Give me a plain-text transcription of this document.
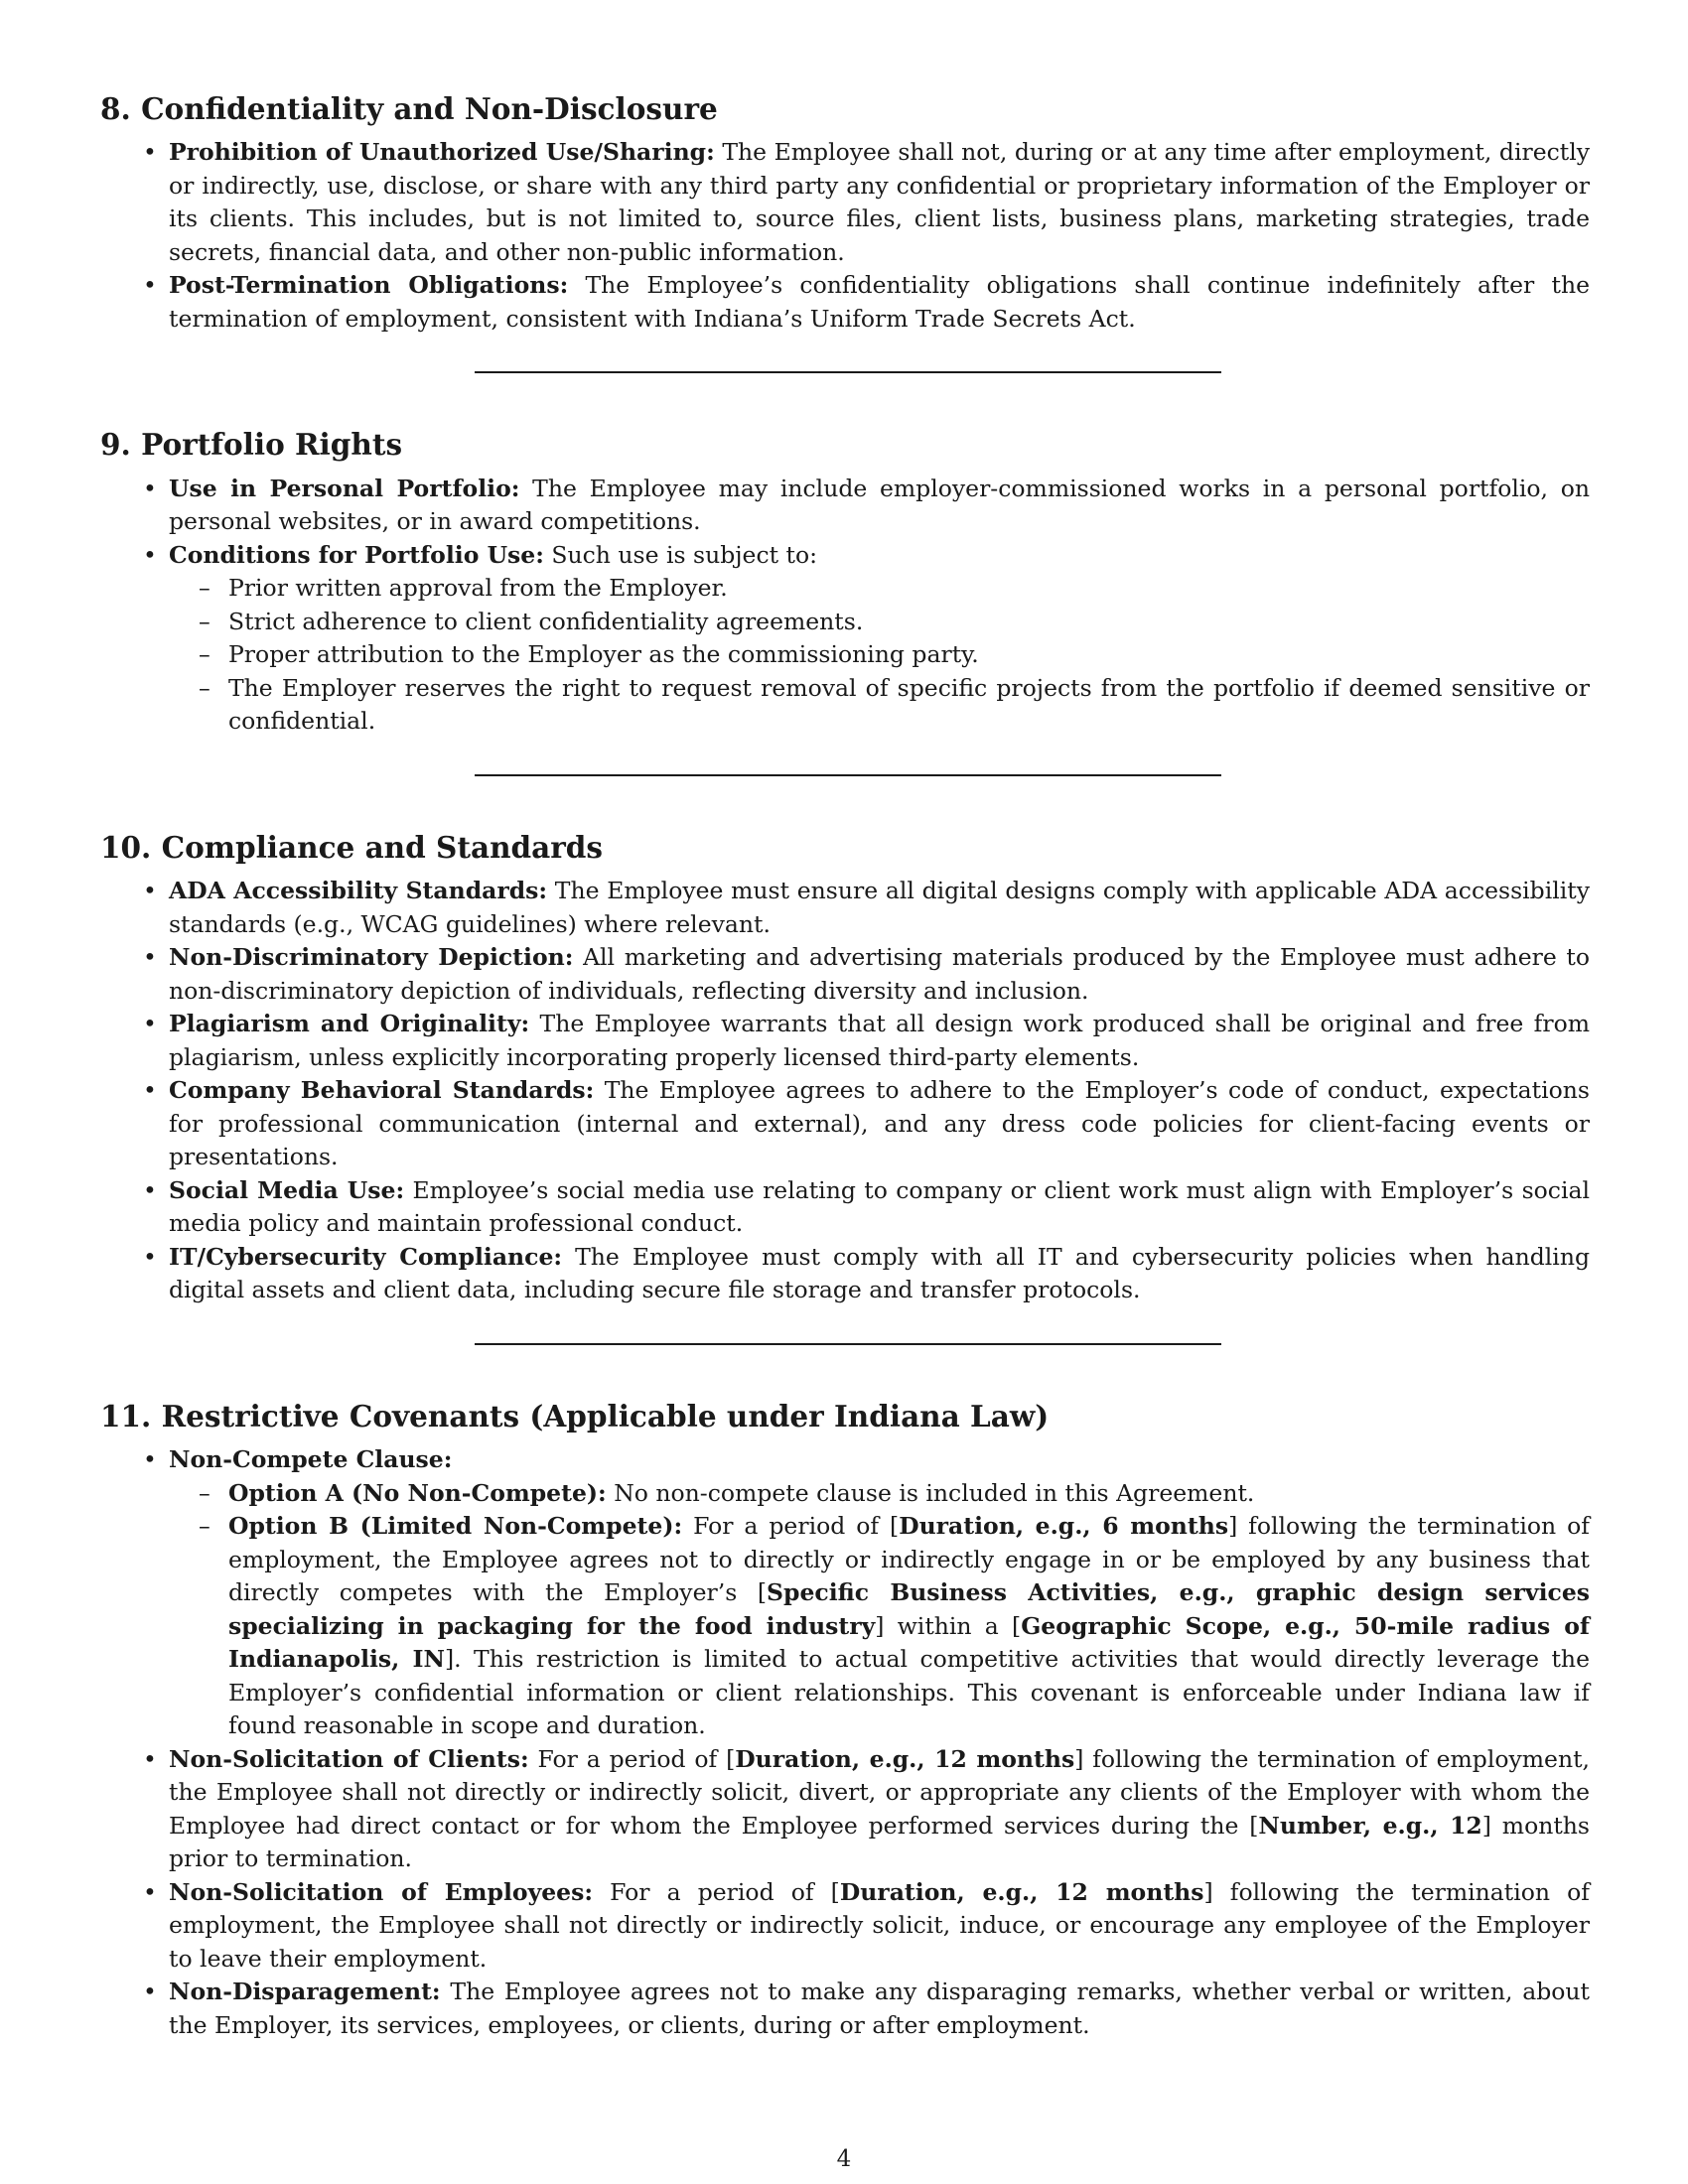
8. Confidentiality and Non-Disclosure
• Prohibition of Unauthorized Use/Sharing: The Employee shall not, during or at any time after employment, directly or indirectly, use, disclose, or share with any third party any confidential or proprietary information of the Employer or its clients. This includes, but is not limited to, source files, client lists, business plans, marketing strategies, trade secrets, financial data, and other non-public information.
• Post-Termination Obligations: The Employee’s confidentiality obligations shall continue indefinitely after the termination of employment, consistent with Indiana’s Uniform Trade Secrets Act.
9. Portfolio Rights
• Use in Personal Portfolio: The Employee may include employer-commissioned works in a personal portfolio, on personal websites, or in award competitions.
• Conditions for Portfolio Use: Such use is subject to:
– Prior written approval from the Employer.
– Strict adherence to client confidentiality agreements.
– Proper attribution to the Employer as the commissioning party.
– The Employer reserves the right to request removal of specific projects from the portfolio if deemed sensitive or confidential.
10. Compliance and Standards
• ADA Accessibility Standards: The Employee must ensure all digital designs comply with applicable ADA accessibility standards (e.g., WCAG guidelines) where relevant.
• Non-Discriminatory Depiction: All marketing and advertising materials produced by the Employee must adhere to non-discriminatory depiction of individuals, reflecting diversity and inclusion.
• Plagiarism and Originality: The Employee warrants that all design work produced shall be original and free from plagiarism, unless explicitly incorporating properly licensed third-party elements.
• Company Behavioral Standards: The Employee agrees to adhere to the Employer’s code of conduct, expectations for professional communication (internal and external), and any dress code policies for client-facing events or presentations.
• Social Media Use: Employee’s social media use relating to company or client work must align with Employer’s social media policy and maintain professional conduct.
• IT/Cybersecurity Compliance: The Employee must comply with all IT and cybersecurity policies when handling digital assets and client data, including secure file storage and transfer protocols.
11. Restrictive Covenants (Applicable under Indiana Law)
• Non-Compete Clause:
– Option A (No Non-Compete): No non-compete clause is included in this Agreement.
– Option B (Limited Non-Compete): For a period of [Duration, e.g., 6 months] following the termination of employment, the Employee agrees not to directly or indirectly engage in or be employed by any business that directly competes with the Employer’s [Specific Business Activities, e.g., graphic design services specializing in packaging for the food industry] within a [Geographic Scope, e.g., 50-mile radius of Indianapolis, IN]. This restriction is limited to actual competitive activities that would directly leverage the Employer’s confidential information or client relationships. This covenant is enforceable under Indiana law if found reasonable in scope and duration.
• Non-Solicitation of Clients: For a period of [Duration, e.g., 12 months] following the termination of employment, the Employee shall not directly or indirectly solicit, divert, or appropriate any clients of the Employer with whom the Employee had direct contact or for whom the Employee performed services during the [Number, e.g., 12] months prior to termination.
• Non-Solicitation of Employees: For a period of [Duration, e.g., 12 months] following the termination of employment, the Employee shall not directly or indirectly solicit, induce, or encourage any employee of the Employer to leave their employment.
• Non-Disparagement: The Employee agrees not to make any disparaging remarks, whether verbal or written, about the Employer, its services, employees, or clients, during or after employment.
4
